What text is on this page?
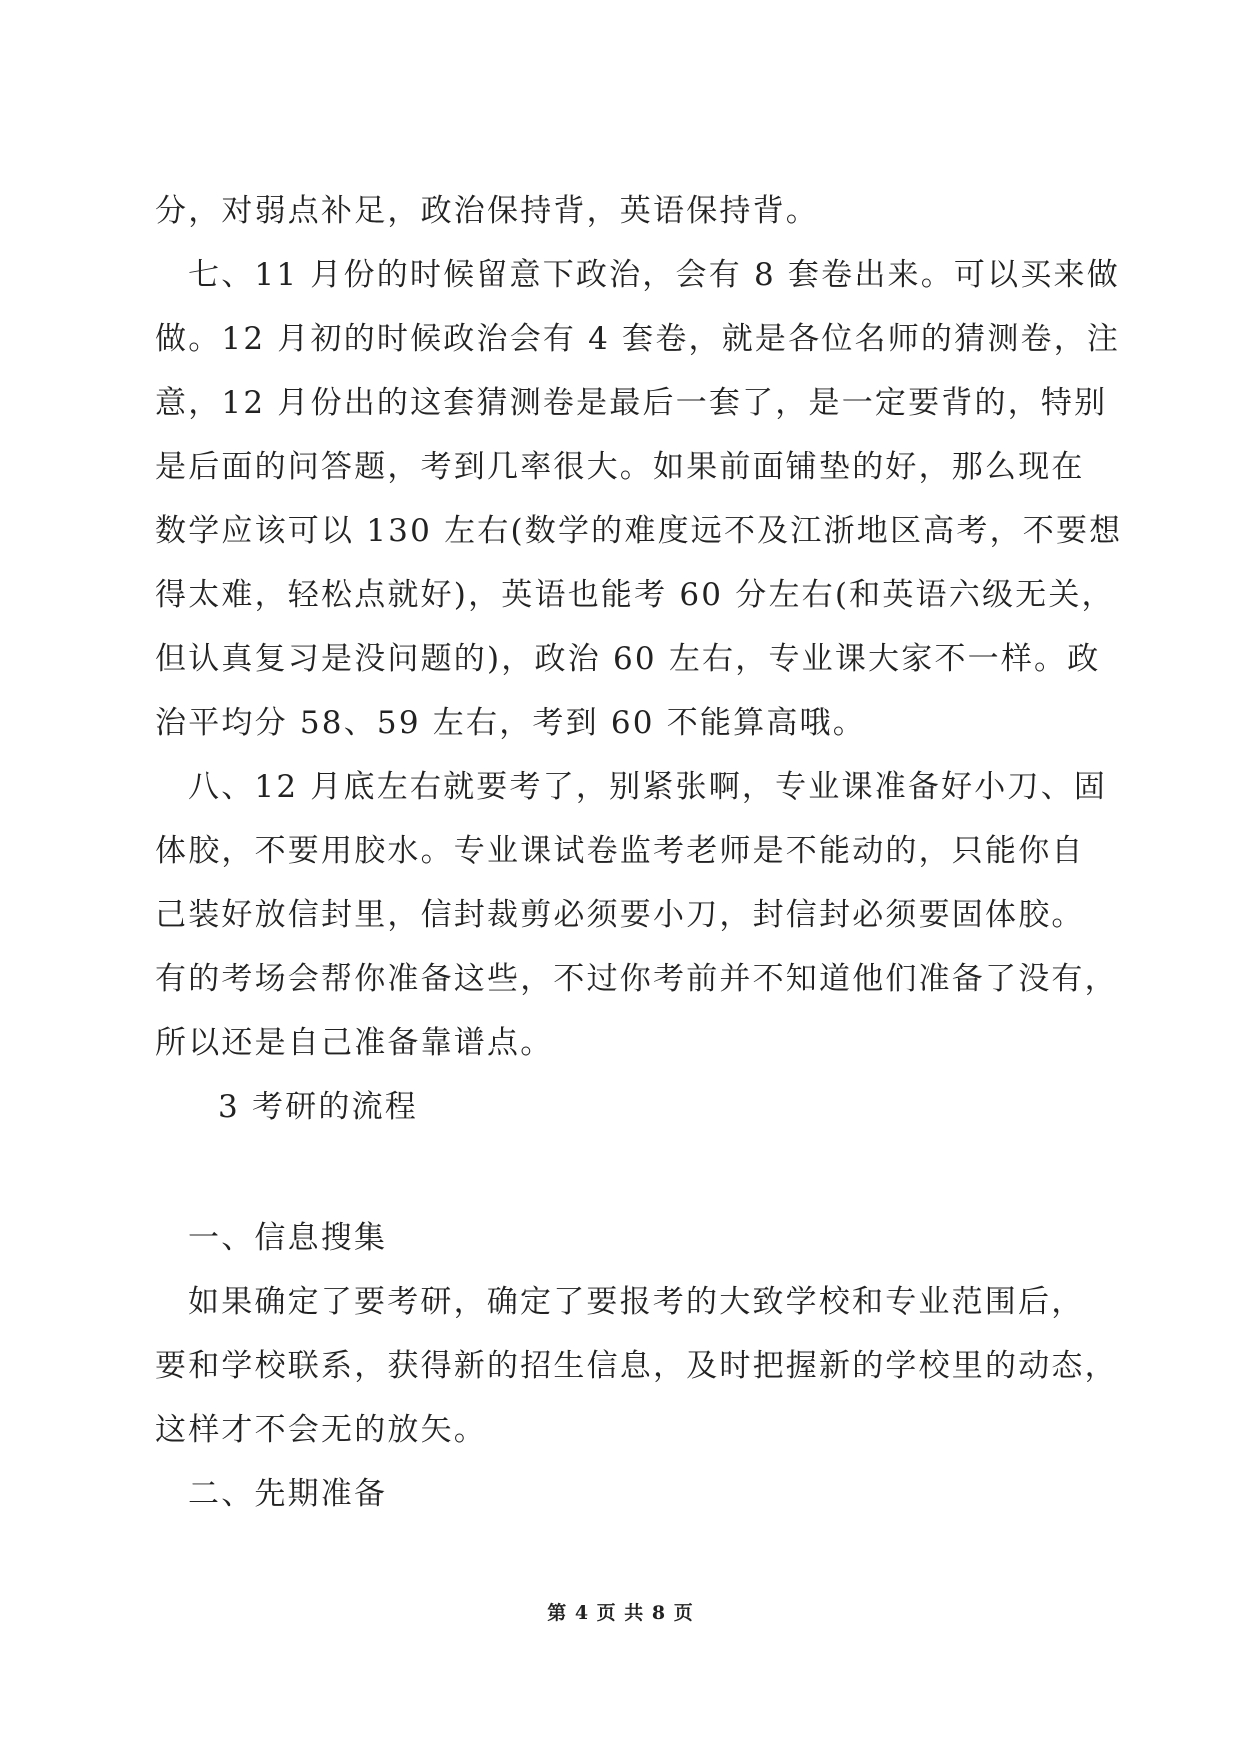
分，对弱点补足，政治保持背，英语保持背。
七、11 月份的时候留意下政治，会有 8 套卷出来。可以买来做
做。12 月初的时候政治会有 4 套卷，就是各位名师的猜测卷，注
意，12 月份出的这套猜测卷是最后一套了，是一定要背的，特别
是后面的问答题，考到几率很大。如果前面铺垫的好，那么现在
数学应该可以 130 左右(数学的难度远不及江浙地区高考，不要想
得太难，轻松点就好)，英语也能考 60 分左右(和英语六级无关，
但认真复习是没问题的)，政治 60 左右，专业课大家不一样。政
治平均分 58、59 左右，考到 60 不能算高哦。
八、12 月底左右就要考了，别紧张啊，专业课准备好小刀、固
体胶，不要用胶水。专业课试卷监考老师是不能动的，只能你自
己装好放信封里，信封裁剪必须要小刀，封信封必须要固体胶。
有的考场会帮你准备这些，不过你考前并不知道他们准备了没有，
所以还是自己准备靠谱点。
3 考研的流程
一、信息搜集
如果确定了要考研，确定了要报考的大致学校和专业范围后，
要和学校联系，获得新的招生信息，及时把握新的学校里的动态，
这样才不会无的放矢。
二、先期准备
第 4 页 共 8 页
